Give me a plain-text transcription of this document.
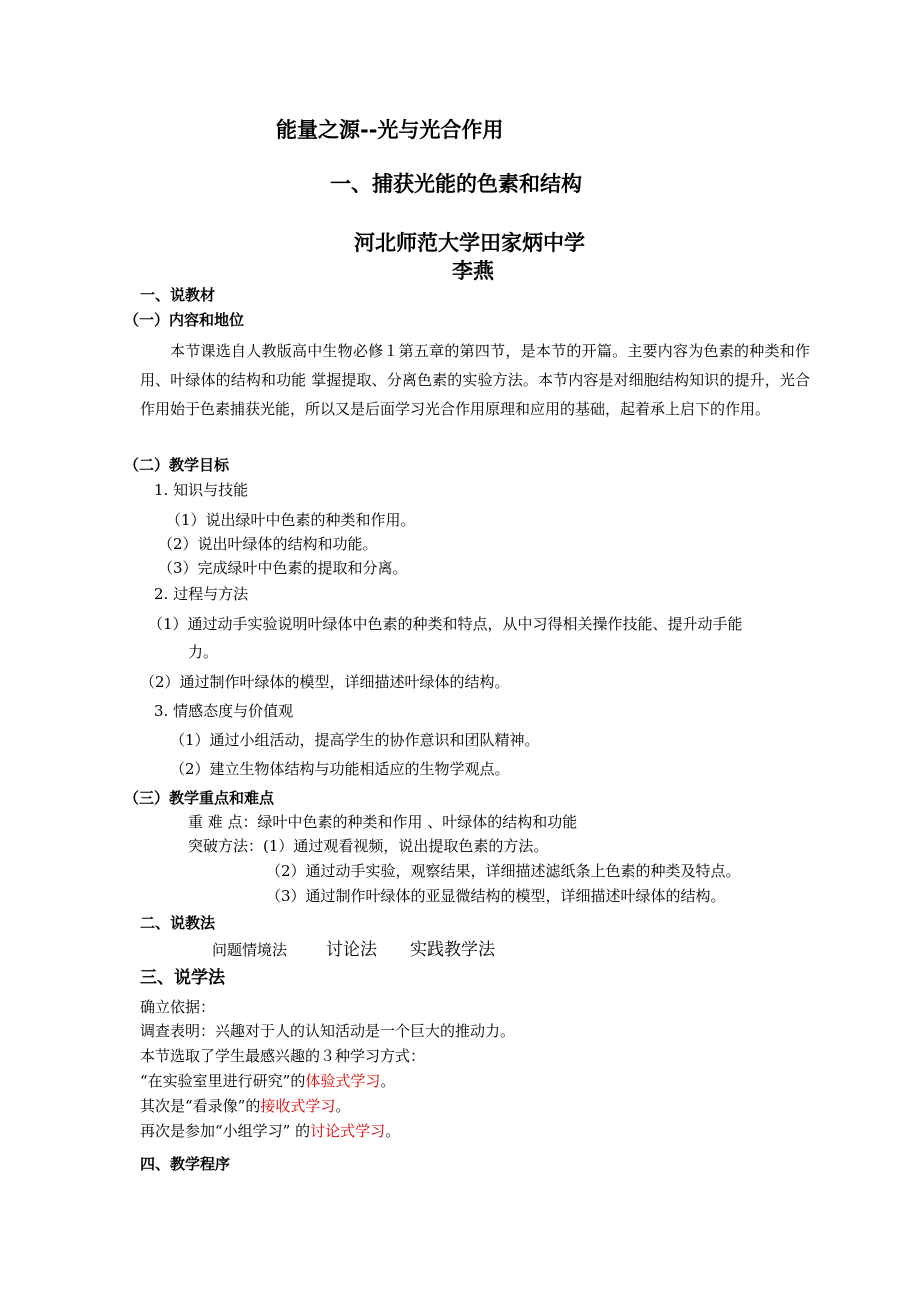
能量之源--光与光合作用
一、捕获光能的色素和结构
河北师范大学田家炳中学
李燕
一、说教材
（一）内容和地位
本节课选自人教版高中生物必修１第五章的第四节，是本节的开篇。主要内容为色素的种类和作用、叶绿体的结构和功能 掌握提取、分离色素的实验方法。本节内容是对细胞结构知识的提升，光合作用始于色素捕获光能，所以又是后面学习光合作用原理和应用的基础，起着承上启下的作用。
（二）教学目标
1. 知识与技能
（1）说出绿叶中色素的种类和作用。
（2）说出叶绿体的结构和功能。
（3）完成绿叶中色素的提取和分离。
2. 过程与方法
（1）通过动手实验说明叶绿体中色素的种类和特点，从中习得相关操作技能、提升动手能
力。
（2）通过制作叶绿体的模型，详细描述叶绿体的结构。
3. 情感态度与价值观
（1）通过小组活动，提高学生的协作意识和团队精神。
（2）建立生物体结构与功能相适应的生物学观点。
（三）教学重点和难点
重 难 点：绿叶中色素的种类和作用 、叶绿体的结构和功能
突破方法：(1）通过观看视频，说出提取色素的方法。
（2）通过动手实验，观察结果，详细描述滤纸条上色素的种类及特点。
（3）通过制作叶绿体的亚显微结构的模型，详细描述叶绿体的结构。
二、说教法
问题情境法 讨论法 实践教学法
三、说学法
确立依据：
调查表明：兴趣对于人的认知活动是一个巨大的推动力。
本节选取了学生最感兴趣的３种学习方式：
“在实验室里进行研究”的体验式学习。
其次是“看录像”的接收式学习。
再次是参加“小组学习” 的讨论式学习。
四、教学程序
